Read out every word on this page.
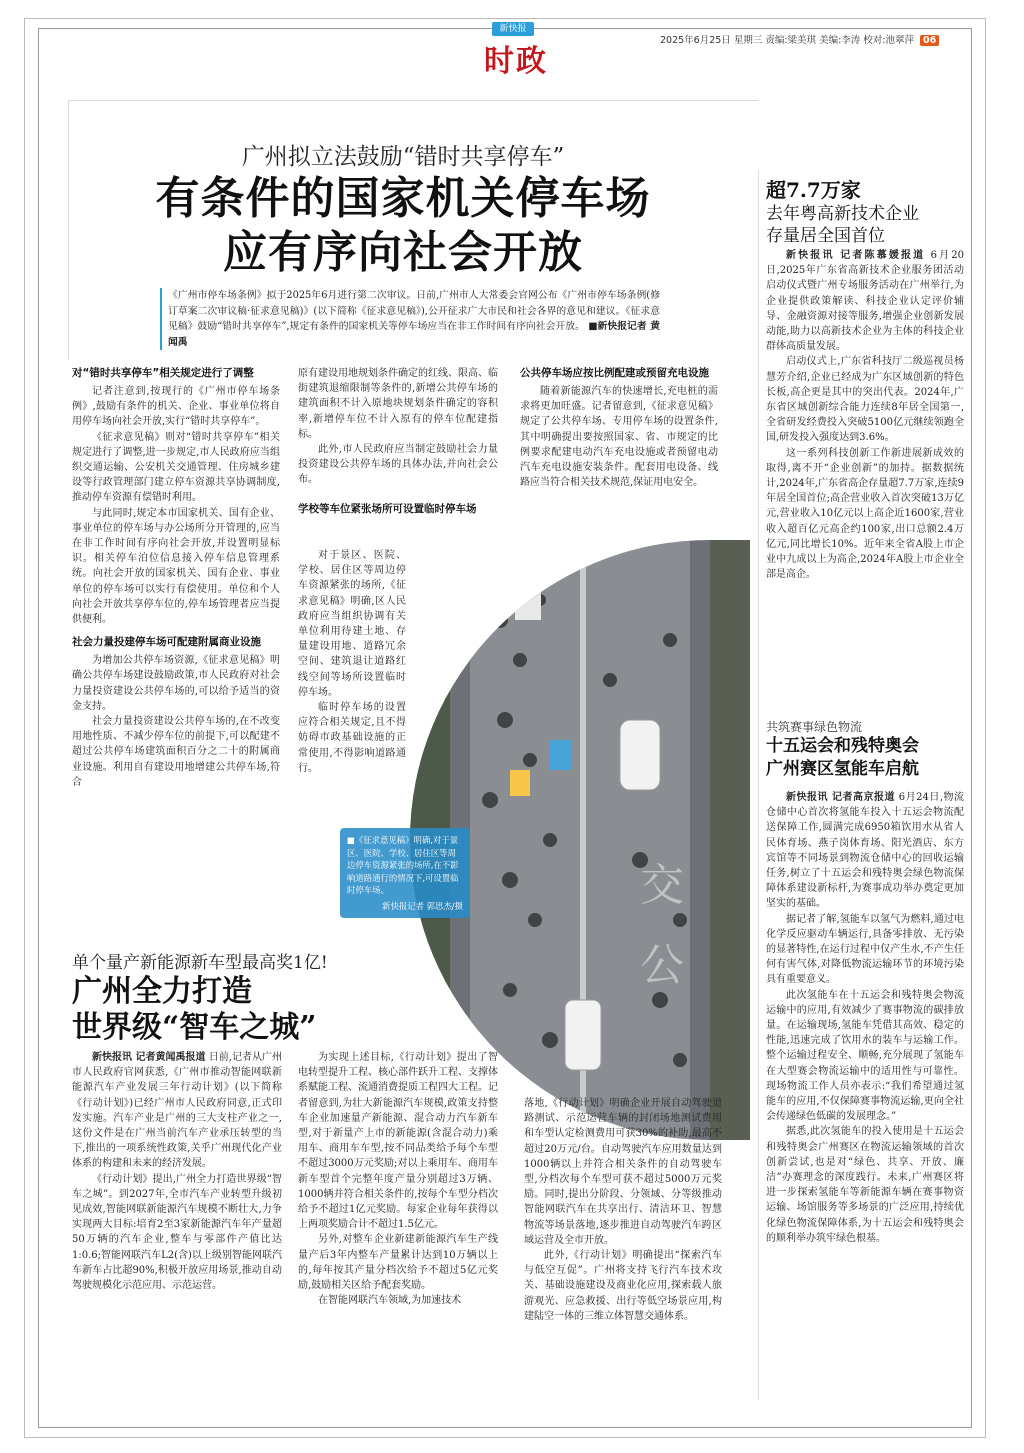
新快报
时政
2025年6月25日 星期三 责编:梁美琪 美编:李涛 校对:池翠萍 06
广州拟立法鼓励“错时共享停车”
有条件的国家机关停车场
应有序向社会开放
《广州市停车场条例》拟于2025年6月进行第二次审议。日前,广州市人大常委会官网公布《广州市停车场条例(修订草案二次审议稿·征求意见稿)》(以下简称《征求意见稿》),公开征求广大市民和社会各界的意见和建议。《征求意见稿》鼓励“错时共享停车”,规定有条件的国家机关等停车场应当在非工作时间有序向社会开放。 ■新快报记者 黄闻禹
对“错时共享停车”相关规定进行了调整

记者注意到,按现行的《广州市停车场条例》,鼓励有条件的机关、企业、事业单位将自用停车场向社会开放,实行“错时共享停车”。

《征求意见稿》则对“错时共享停车”相关规定进行了调整,进一步规定,市人民政府应当组织交通运输、公安机关交通管理、住房城乡建设等行政管理部门建立停车资源共享协调制度,推动停车资源有偿错时利用。

与此同时,规定本市国家机关、国有企业、事业单位的停车场与办公场所分开管理的,应当在非工作时间有序向社会开放,并设置明显标识。相关停车泊位信息接入停车信息管理系统。向社会开放的国家机关、国有企业、事业单位的停车场可以实行有偿使用。单位和个人向社会开放共享停车位的,停车场管理者应当提供便利。

社会力量投建停车场可配建附属商业设施

为增加公共停车场资源,《征求意见稿》明确公共停车场建设鼓励政策,市人民政府对社会力量投资建设公共停车场的,可以给予适当的资金支持。

社会力量投资建设公共停车场的,在不改变用地性质、不减少停车位的前提下,可以配建不超过公共停车场建筑面积百分之二十的附属商业设施。利用自有建设用地增建公共停车场,符合

原有建设用地规划条件确定的红线、限高、临街建筑退缩限制等条件的,新增公共停车场的建筑面积不计入原地块规划条件确定的容积率,新增停车位不计入原有的停车位配建指标。

此外,市人民政府应当制定鼓励社会力量投资建设公共停车场的具体办法,并向社会公布。

学校等车位紧张场所可设置临时停车场

对于景区、医院、学校、居住区等周边停车资源紧张的场所,《征求意见稿》明确,区人民政府应当组织协调有关单位利用待建土地、存量建设用地、道路冗余空间、建筑退让道路红线空间等场所设置临时停车场。

临时停车场的设置应符合相关规定,且不得妨碍市政基础设施的正常使用,不得影响道路通行。

公共停车场应按比例配建或预留充电设施

随着新能源汽车的快速增长,充电桩的需求将更加旺盛。记者留意到,《征求意见稿》规定了公共停车场、专用停车场的设置条件,其中明确提出要按照国家、省、市规定的比例要求配建电动汽车充电设施或者预留电动汽车充电设施安装条件。配套用电设备、线路应当符合相关技术规范,保证用电安全。

交
公
■《征求意见稿》明确,对于景区、医院、学校、居住区等周边停车资源紧张的场所,在不影响道路通行的情况下,可设置临时停车场。
新快报记者 郭思杰/摄
单个量产新能源新车型最高奖1亿!
广州全力打造
世界级“智车之城”

新快报讯 记者黄闻禹报道 日前,记者从广州市人民政府官网获悉,《广州市推动智能网联新能源汽车产业发展三年行动计划》(以下简称《行动计划》)已经广州市人民政府同意,正式印发实施。汽车产业是广州的三大支柱产业之一,这份文件是在广州当前汽车产业承压转型的当下,推出的一项系统性政策,关乎广州现代化产业体系的构建和未来的经济发展。

《行动计划》提出,广州全力打造世界级“智车之城”。到2027年,全市汽车产业转型升级初见成效,智能网联新能源汽车规模不断壮大,力争实现两大目标:培育2至3家新能源汽车年产量超50万辆的汽车企业,整车与零部件产值比达1:0.6;智能网联汽车L2(含)以上级别智能网联汽车新车占比超90%,积极开放应用场景,推动自动驾驶规模化示范应用、示范运营。

为实现上述目标,《行动计划》提出了智电转型提升工程、核心部件跃升工程、支撑体系赋能工程、流通消费提质工程四大工程。记者留意到,为壮大新能源汽车规模,政策支持整车企业加速量产新能源、混合动力汽车新车型,对于新量产上市的新能源(含混合动力)乘用车、商用车车型,按不同品类给予每个车型不超过3000万元奖励;对以上乘用车、商用车新车型首个完整年度产量分别超过3万辆、1000辆并符合相关条件的,按每个车型分档次给予不超过1亿元奖励。每家企业每年获得以上两项奖励合计不超过1.5亿元。

另外,对整车企业新建新能源汽车生产线量产后3年内整车产量累计达到10万辆以上的,每年按其产量分档次给予不超过5亿元奖励,鼓励相关区给予配套奖励。

在智能网联汽车领域,为加速技术

落地,《行动计划》明确企业开展自动驾驶道路测试、示范运营车辆的封闭场地测试费用和车型认定检测费用可获30%的补助,最高不超过20万元/台。自动驾驶汽车应用数量达到1000辆以上并符合相关条件的自动驾驶车型,分档次每个车型可获不超过5000万元奖励。同时,提出分阶段、分领域、分等级推动智能网联汽车在共享出行、清洁环卫、智慧物流等场景落地,逐步推进自动驾驶汽车跨区域运营及全市开放。

此外,《行动计划》明确提出“探索汽车与低空互促”。广州将支持飞行汽车技术攻关、基础设施建设及商业化应用,探索载人旅游观光、应急救援、出行等低空场景应用,构建陆空一体的三维立体智慧交通体系。

超7.7万家
去年粤高新技术企业
存量居全国首位

新快报讯 记者陈慕媛报道 6月20日,2025年广东省高新技术企业服务团活动启动仪式暨广州专场服务活动在广州举行,为企业提供政策解读、科技企业认定评价辅导、金融资源对接等服务,增强企业创新发展动能,助力以高新技术企业为主体的科技企业群体高质量发展。

启动仪式上,广东省科技厅二级巡视员杨慧芳介绍,企业已经成为广东区域创新的特色长板,高企更是其中的突出代表。2024年,广东省区域创新综合能力连续8年居全国第一,全省研发经费投入突破5100亿元继续领跑全国,研发投入强度达到3.6%。

这一系列科技创新工作新进展新成效的取得,离不开“企业创新”的加持。据数据统计,2024年,广东省高企存量超7.7万家,连续9年居全国首位;高企营业收入首次突破13万亿元,营业收入10亿元以上高企近1600家,营业收入超百亿元高企约100家,出口总额2.4万亿元,同比增长10%。近年来全省A股上市企业中九成以上为高企,2024年A股上市企业全部是高企。

共筑赛事绿色物流
十五运会和残特奥会
广州赛区氢能车启航

新快报讯 记者高京报道 6月24日,物流仓储中心首次将氢能车投入十五运会物流配送保障工作,圆满完成6950箱饮用水从省人民体育场、燕子岗体育场、阳光酒店、东方宾馆等不同场景到物流仓储中心的回收运输任务,树立了十五运会和残特奥会绿色物流保障体系建设新标杆,为赛事成功举办奠定更加坚实的基础。

据记者了解,氢能车以氢气为燃料,通过电化学反应驱动车辆运行,具备零排放、无污染的显著特性,在运行过程中仅产生水,不产生任何有害气体,对降低物流运输环节的环境污染具有重要意义。

此次氢能车在十五运会和残特奥会物流运输中的应用,有效减少了赛事物流的碳排放量。在运输现场,氢能车凭借其高效、稳定的性能,迅速完成了饮用水的装车与运输工作。整个运输过程安全、顺畅,充分展现了氢能车在大型赛会物流运输中的适用性与可靠性。现场物流工作人员亦表示:“我们希望通过氢能车的应用,不仅保障赛事物流运输,更向全社会传递绿色低碳的发展理念。”

据悉,此次氢能车的投入使用是十五运会和残特奥会广州赛区在物流运输领域的首次创新尝试,也是对“绿色、共享、开放、廉洁”办赛理念的深度践行。未来,广州赛区将进一步探索氢能车等新能源车辆在赛事物资运输、场馆服务等多场景的广泛应用,持续优化绿色物流保障体系,为十五运会和残特奥会的顺利举办筑牢绿色根基。
